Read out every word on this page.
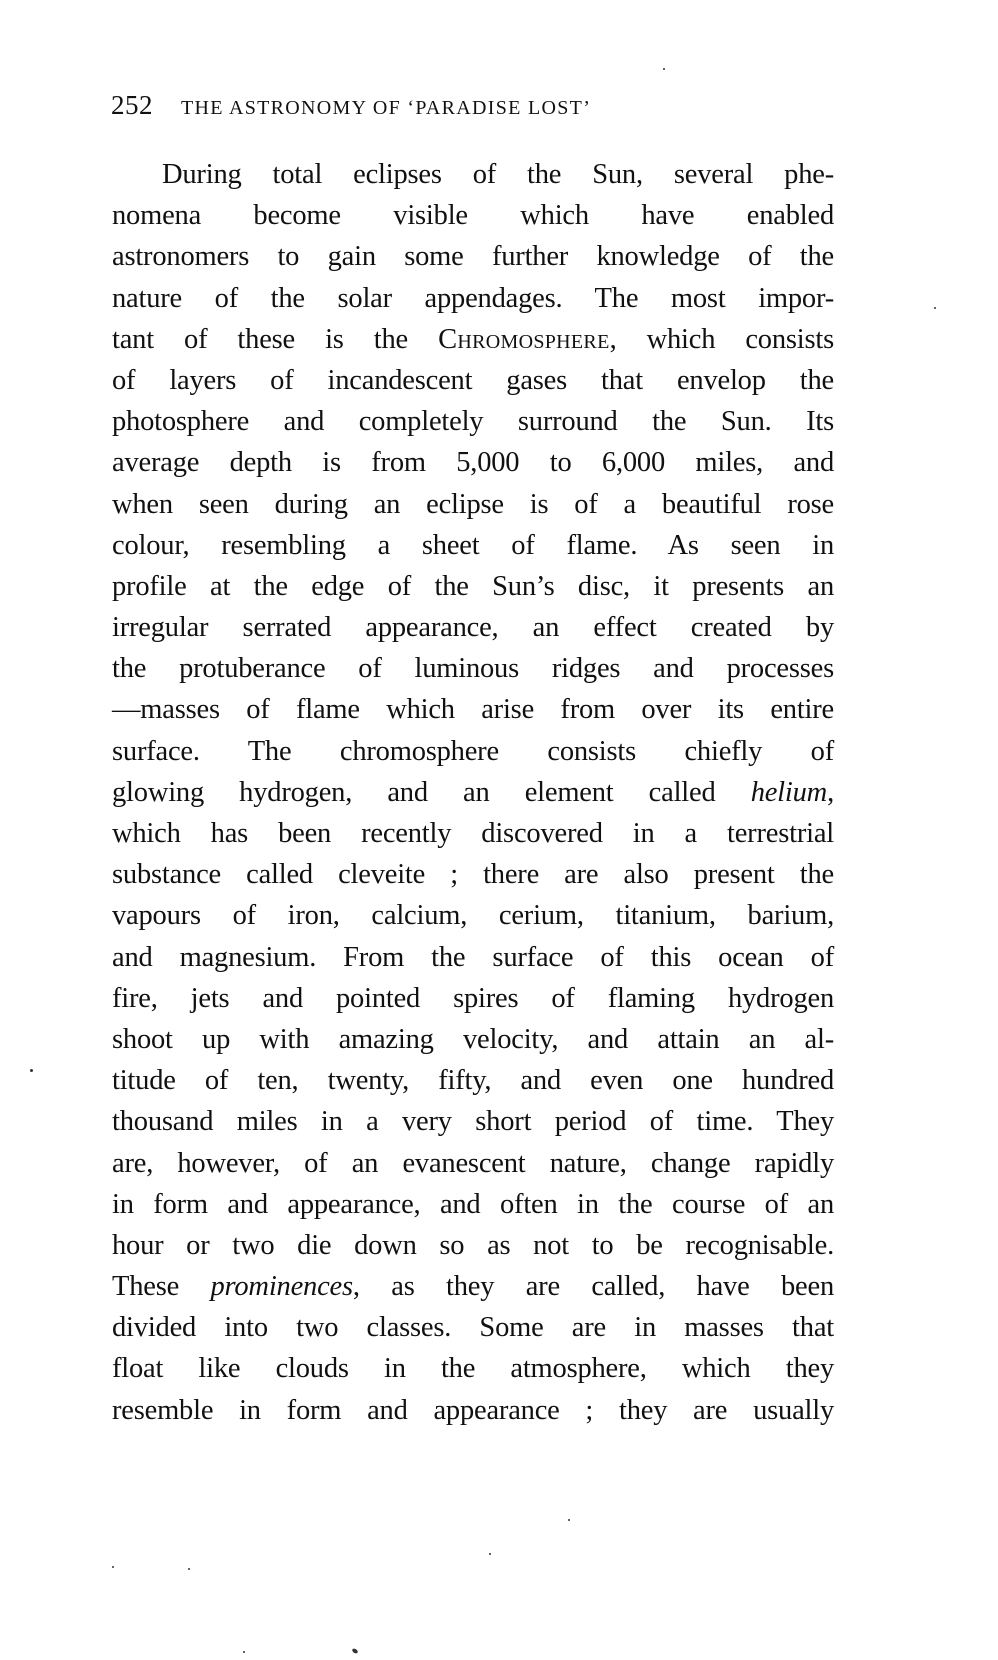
252 THE ASTRONOMY OF ‘PARADISE LOST’
During total eclipses of the Sun, several phe-
nomena become visible which have enabled
astronomers to gain some further knowledge of the
nature of the solar appendages. The most impor-
tant of these is the Chromosphere, which consists
of layers of incandescent gases that envelop the
photosphere and completely surround the Sun. Its
average depth is from 5,000 to 6,000 miles, and
when seen during an eclipse is of a beautiful rose
colour, resembling a sheet of flame. As seen in
profile at the edge of the Sun’s disc, it presents an
irregular serrated appearance, an effect created by
the protuberance of luminous ridges and processes
—masses of flame which arise from over its entire
surface. The chromosphere consists chiefly of
glowing hydrogen, and an element called helium,
which has been recently discovered in a terrestrial
substance called cleveite ; there are also present the
vapours of iron, calcium, cerium, titanium, barium,
and magnesium. From the surface of this ocean of
fire, jets and pointed spires of flaming hydrogen
shoot up with amazing velocity, and attain an al-
titude of ten, twenty, fifty, and even one hundred
thousand miles in a very short period of time. They
are, however, of an evanescent nature, change rapidly
in form and appearance, and often in the course of an
hour or two die down so as not to be recognisable.
These prominences, as they are called, have been
divided into two classes. Some are in masses that
float like clouds in the atmosphere, which they
resemble in form and appearance ; they are usually
